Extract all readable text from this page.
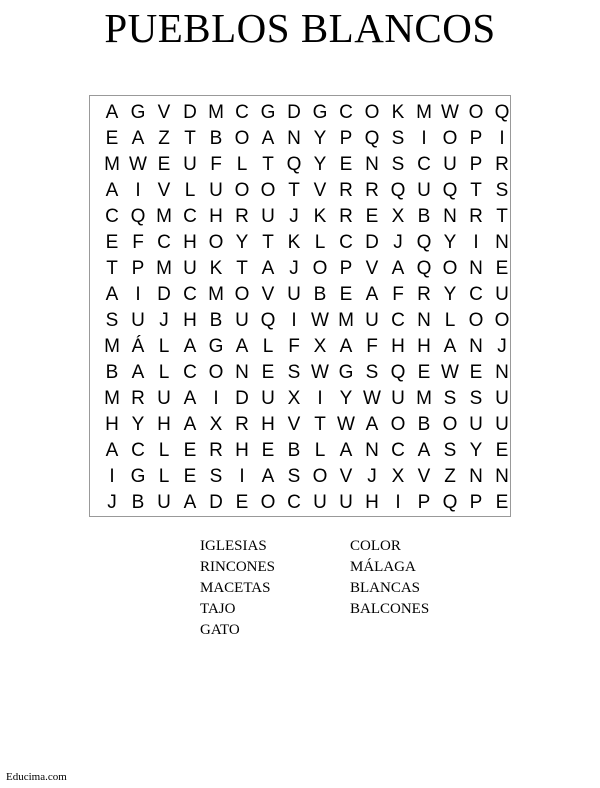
PUEBLOS BLANCOS
A G V D M C G D G C O K M W O Q
E A Z T B O A N Y P Q S I O P I
M W E U F L T Q Y E N S C U P R
A I V L U O O T V R R Q U Q T S
C Q M C H R U J K R E X B N R T
E F C H O Y T K L C D J Q Y I N
T P M U K T A J O P V A Q O N E
A I D C M O V U B E A F R Y C U
S U J H B U Q I W M U C N L O O
M Á L A G A L F X A F H H A N J
B A L C O N E S W G S Q E W E N
M R U A I D U X I Y W U M S S U
H Y H A X R H V T W A O B O U U
A C L E R H E B L A N C A S Y E
I G L E S I A S O V J X V Z N N
J B U A D E O C U U H I P Q P E
IGLESIAS
RINCONES
MACETAS
TAJO
GATO
COLOR
MÁLAGA
BLANCAS
BALCONES
Educima.com
